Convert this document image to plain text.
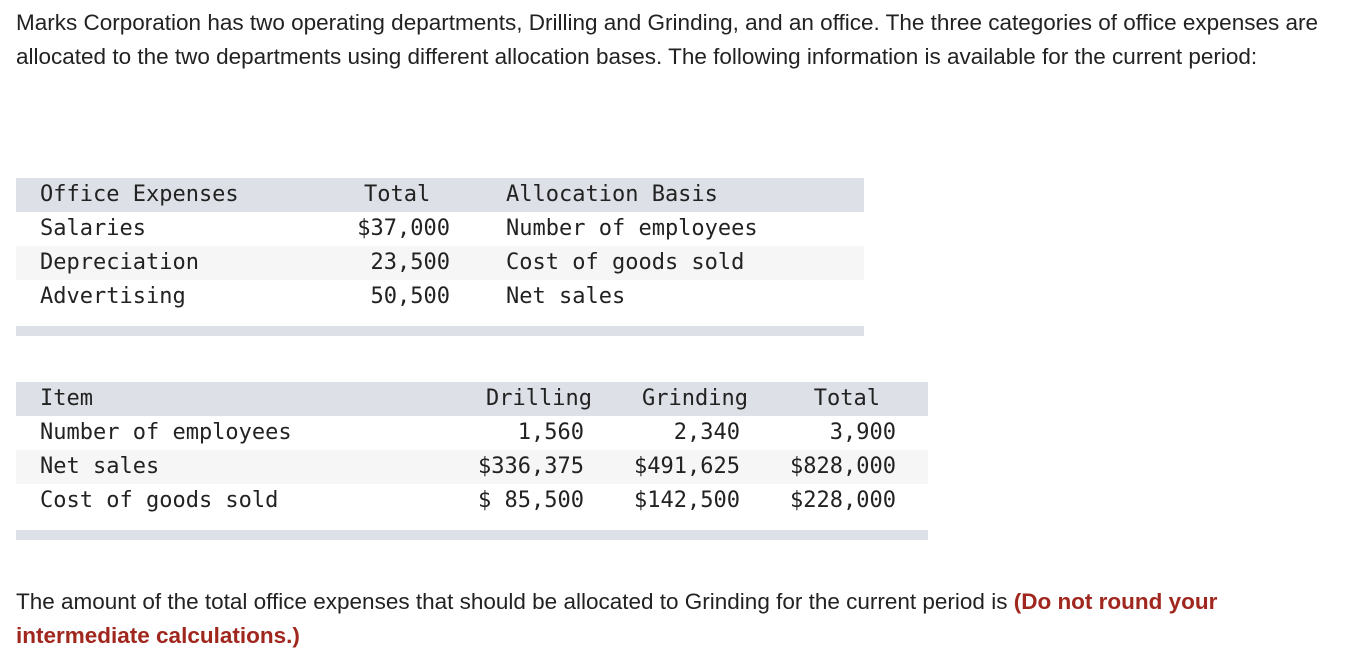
Marks Corporation has two operating departments, Drilling and Grinding, and an office. The three categories of office expenses are allocated to the two departments using different allocation bases. The following information is available for the current period:

Office Expenses	Total	Allocation Basis
Salaries	$37,000	Number of employees
Depreciation	23,500	Cost of goods sold
Advertising	50,500	Net sales
Item	Drilling Grinding	Total
Number of employees	1,560	2,340	3,900
Net sales	$336,375 $491,625 $828,000
Cost of goods sold	$ 85,500 $142,500 $228,000

The amount of the total office expenses that should be allocated to Grinding for the current period is (Do not round your intermediate calculations.)
